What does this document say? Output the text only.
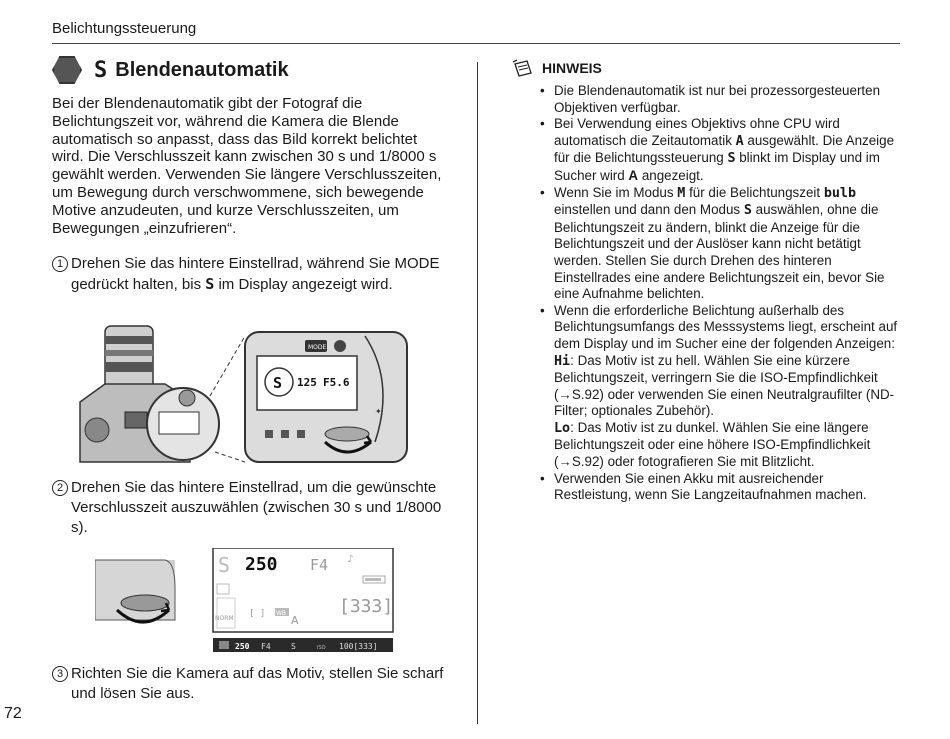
Belichtungssteuerung
72
S Blendenautomatik

Bei der Blendenautomatik gibt der Fotograf die Belichtungszeit vor, während die Kamera die Blende automatisch so anpasst, dass das Bild korrekt belichtet wird. Die Verschlusszeit kann zwischen 30 s und 1/8000 s gewählt werden. Verwenden Sie längere Verschlusszeiten, um Bewegung durch verschwommene, sich bewegende Motive anzudeuten, und kurze Verschlusszeiten, um Bewegungen „einzufrieren“.

1 Drehen Sie das hintere Einstellrad, während Sie MODE gedrückt halten, bis S im Display angezeigt wird.
S 125 F5.6
MODE
✦
2 Drehen Sie das hintere Einstellrad, um die gewünschte Verschlusszeit auszuwählen (zwischen 30 s und 1/8000 s).
S 250 F4 ♪
NORM [ ] WB
A
[333]
250 F4	S	ISO 100[333]
3 Richten Sie die Kamera auf das Motiv, stellen Sie scharf und lösen Sie aus.
HINWEIS
• Die Blendenautomatik ist nur bei prozessorgesteuerten Objektiven verfügbar.
• Bei Verwendung eines Objektivs ohne CPU wird automatisch die Zeitautomatik A ausgewählt. Die Anzeige für die Belichtungssteuerung S blinkt im Display und im Sucher wird A angezeigt.
• Wenn Sie im Modus M für die Belichtungszeit bulb einstellen und dann den Modus S auswählen, ohne die Belichtungszeit zu ändern, blinkt die Anzeige für die Belichtungszeit und der Auslöser kann nicht betätigt werden. Stellen Sie durch Drehen des hinteren Einstellrades eine andere Belichtungszeit ein, bevor Sie eine Aufnahme belichten.
• Wenn die erforderliche Belichtung außerhalb des Belichtungsumfangs des Messsystems liegt, erscheint auf dem Display und im Sucher eine der folgenden Anzeigen:
Hi: Das Motiv ist zu hell. Wählen Sie eine kürzere Belichtungszeit, verringern Sie die ISO-Empfindlichkeit (→S.92) oder verwenden Sie einen Neutralgraufilter (ND-Filter; optionales Zubehör).
Lo: Das Motiv ist zu dunkel. Wählen Sie eine längere Belichtungszeit oder eine höhere ISO-Empfindlichkeit (→S.92) oder fotografieren Sie mit Blitzlicht.
• Verwenden Sie einen Akku mit ausreichender Restleistung, wenn Sie Langzeitaufnahmen machen.
